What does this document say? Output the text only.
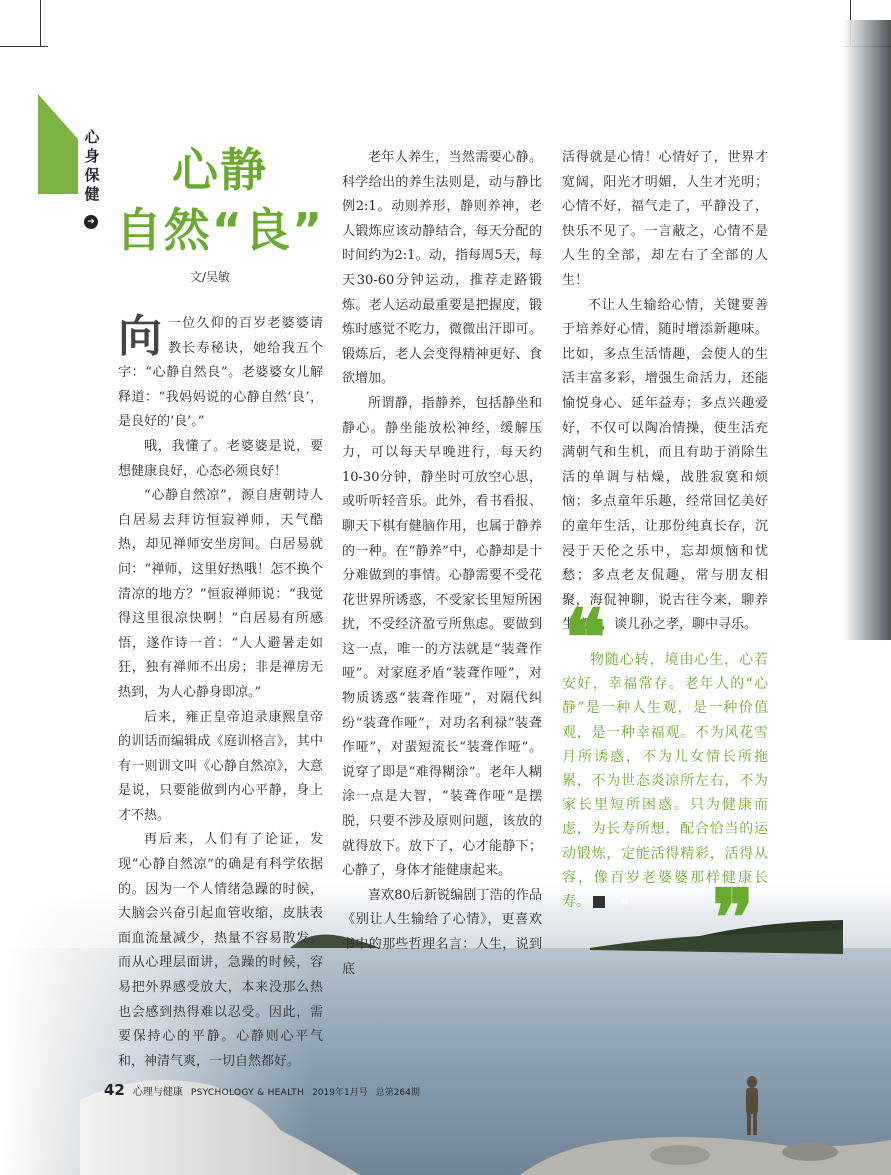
心身保健
➜
心静
自然“良”
文/吴敏

向一位久仰的百岁老婆婆请教长寿秘诀，她给我五个字：“心静自然良”。老婆婆女儿解释道：“我妈妈说的心静自然‘良’，是良好的‘良’。”

哦，我懂了。老婆婆是说，要想健康良好，心态必须良好！

“心静自然凉”，源自唐朝诗人白居易去拜访恒寂禅师，天气酷热，却见禅师安坐房间。白居易就问：“禅师，这里好热哦！怎不换个清凉的地方？”恒寂禅师说：“我觉得这里很凉快啊！”白居易有所感悟，遂作诗一首：“人人避暑走如狂，独有禅师不出房；非是禅房无热到，为人心静身即凉。”

后来，雍正皇帝追录康熙皇帝的训话而编辑成《庭训格言》，其中有一则训文叫《心静自然凉》，大意是说，只要能做到内心平静，身上才不热。

再后来，人们有了论证，发现“心静自然凉”的确是有科学依据的。因为一个人情绪急躁的时候，大脑会兴奋引起血管收缩，皮肤表面血流量减少，热量不容易散发。而从心理层面讲，急躁的时候，容易把外界感受放大，本来没那么热也会感到热得难以忍受。因此，需要保持心的平静。心静则心平气和，神清气爽，一切自然都好。

老年人养生，当然需要心静。科学给出的养生法则是，动与静比例2:1。动则养形，静则养神，老人锻炼应该动静结合，每天分配的时间约为2:1。动，指每周5天，每天30-60分钟运动，推荐走路锻炼。老人运动最重要是把握度，锻炼时感觉不吃力，微微出汗即可。锻炼后，老人会变得精神更好、食欲增加。

所谓静，指静养，包括静坐和静心。静坐能放松神经，缓解压力，可以每天早晚进行，每天约10-30分钟，静坐时可放空心思，或听听轻音乐。此外，看书看报、聊天下棋有健脑作用，也属于静养的一种。在“静养”中，心静却是十分难做到的事情。心静需要不受花花世界所诱惑，不受家长里短所困扰，不受经济盈亏所焦虑。要做到这一点，唯一的方法就是“装聋作哑”。对家庭矛盾“装聋作哑”，对物质诱惑“装聋作哑”，对隔代纠纷“装聋作哑”，对功名利禄“装聋作哑”，对蜚短流长“装聋作哑”。说穿了即是“难得糊涂”。老年人糊涂一点是大智，“装聋作哑”是摆脱，只要不涉及原则问题，该放的就得放下。放下了，心才能静下；心静了，身体才能健康起来。

喜欢80后新锐编剧丁浩的作品《别让人生输给了心情》，更喜欢书中的那些哲理名言：人生，说到底

活得就是心情！心情好了，世界才宽阔，阳光才明媚，人生才光明；心情不好，福气走了，平静没了，快乐不见了。一言蔽之，心情不是人生的全部，却左右了全部的人生！

不让人生输给心情，关键要善于培养好心情，随时增添新趣味。比如，多点生活情趣，会使人的生活丰富多彩，增强生命活力，还能愉悦身心、延年益寿；多点兴趣爱好，不仅可以陶冶情操，使生活充满朝气和生机，而且有助于消除生活的单调与枯燥，战胜寂寞和烦恼；多点童年乐趣，经常回忆美好的童年生活，让那份纯真长存，沉浸于天伦之乐中，忘却烦恼和忧愁；多点老友侃趣，常与朋友相聚，海侃神聊，说古往今来，聊养生秘诀，谈儿孙之孝，聊中寻乐。

❝

物随心转，境由心生，心若安好，幸福常存。老年人的“心静”是一种人生观，是一种价值观，是一种幸福观。不为风花雪月所诱惑，不为儿女情长所拖累，不为世态炎凉所左右，不为家长里短所困惑。只为健康而虑，为长寿所想，配合恰当的运动锻炼，定能活得精彩，活得从容，像百岁老婆婆那样健康长寿。	编	❞
42 心理与健康 PSYCHOLOGY & HEALTH 2019年1月号 总第264期
